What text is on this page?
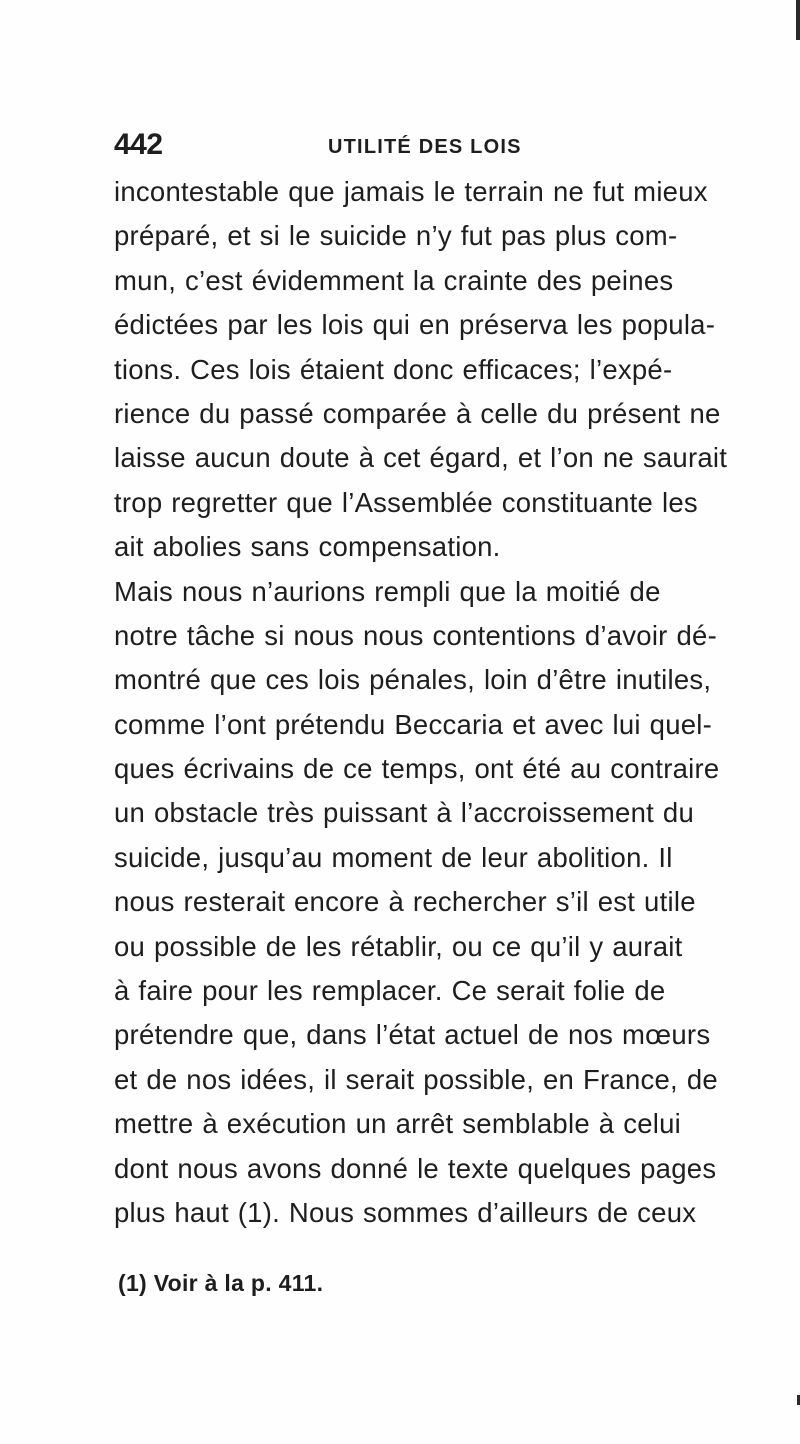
442	UTILITÉ DES LOIS
incontestable que jamais le terrain ne fut mieux
préparé, et si le suicide n’y fut pas plus com-
mun, c’est évidemment la crainte des peines
édictées par les lois qui en préserva les popula-
tions. Ces lois étaient donc efficaces; l’expé-
rience du passé comparée à celle du présent ne
laisse aucun doute à cet égard, et l’on ne saurait
trop regretter que l’Assemblée constituante les
ait abolies sans compensation.
Mais nous n’aurions rempli que la moitié de
notre tâche si nous nous contentions d’avoir dé-
montré que ces lois pénales, loin d’être inutiles,
comme l’ont prétendu Beccaria et avec lui quel-
ques écrivains de ce temps, ont été au contraire
un obstacle très puissant à l’accroissement du
suicide, jusqu’au moment de leur abolition. Il
nous resterait encore à rechercher s’il est utile
ou possible de les rétablir, ou ce qu’il y aurait
à faire pour les remplacer. Ce serait folie de
prétendre que, dans l’état actuel de nos mœurs
et de nos idées, il serait possible, en France, de
mettre à exécution un arrêt semblable à celui
dont nous avons donné le texte quelques pages
plus haut (1). Nous sommes d’ailleurs de ceux
(1) Voir à la p. 411.
